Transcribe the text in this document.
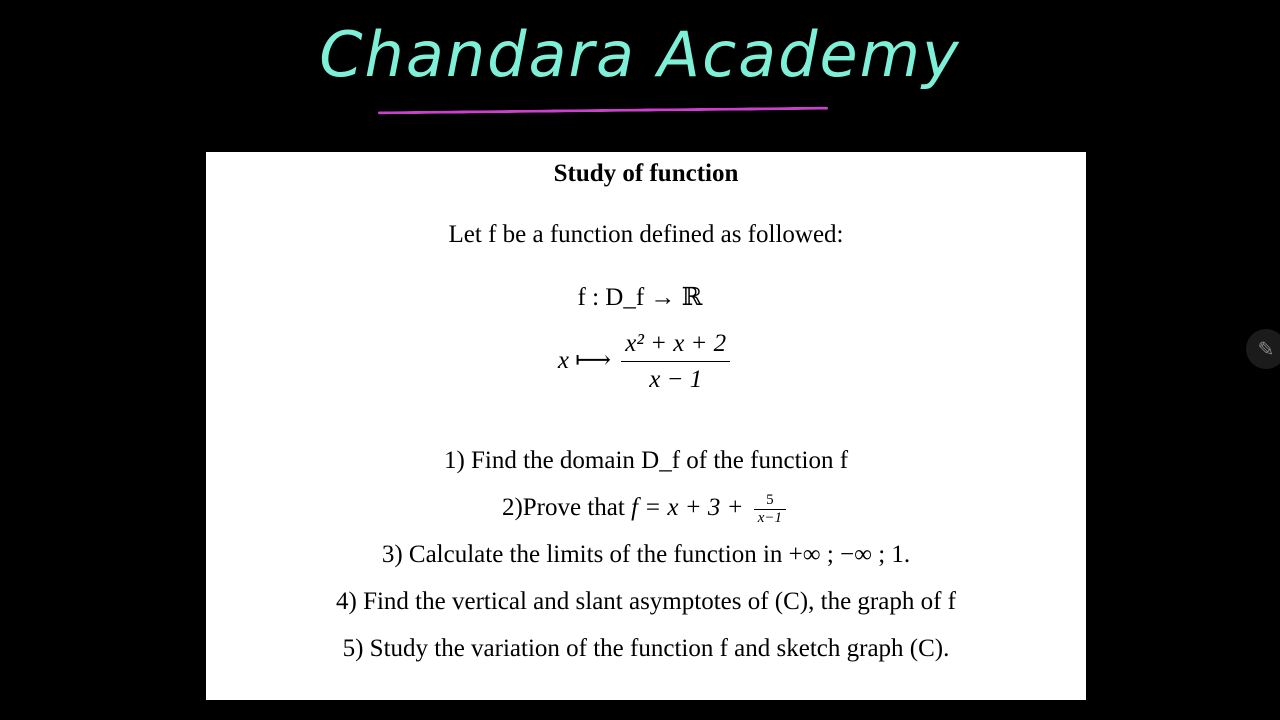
Chandara Academy
Study of function
Let f be a function defined as followed:
f : D_f → ℝ
x ⟼ $\frac{\text{x² + x + 2}}{x - 1}$
1) Find the domain D_f of the function f
2)Prove that $f = x + 3 + \frac{5}{x-1}$
3) Calculate the limits of the function in +∞ ; −∞ ; 1.
4) Find the vertical and slant asymptotes of (C), the graph of f
5) Study the variation of the function f and sketch graph (C).
✎
